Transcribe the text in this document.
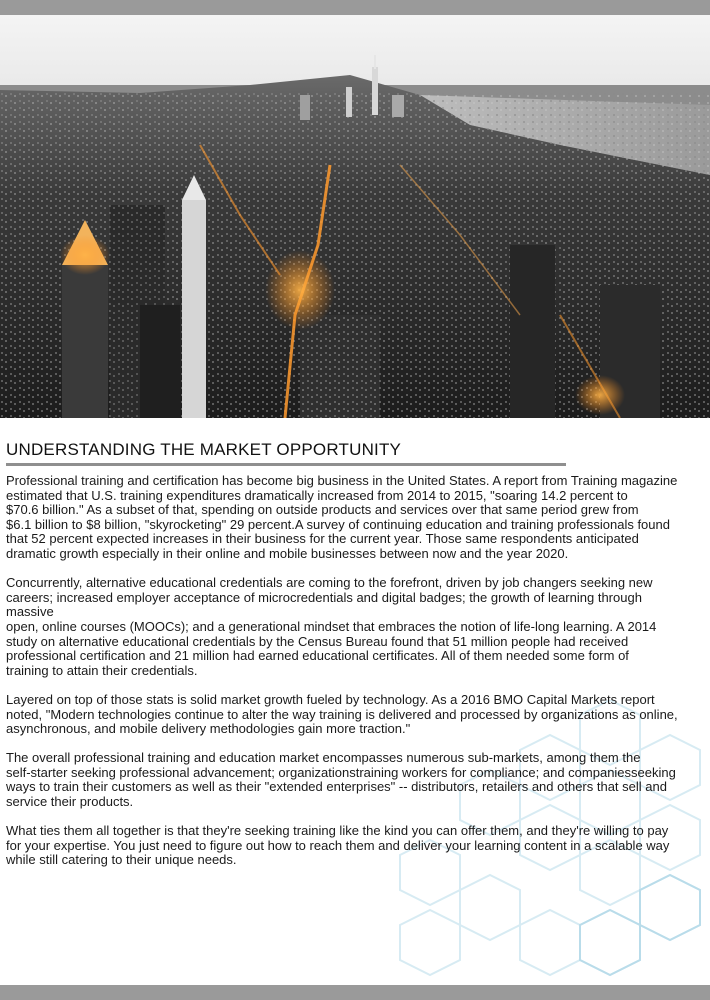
UNDERSTANDING THE MARKET OPPORTUNITY

Professional training and certification has become big business in the United States. A report from Training magazine
estimated that U.S. training expenditures dramatically increased from 2014 to 2015, "soaring 14.2 percent to
$70.6 billion." As a subset of that, spending on outside products and services over that same period grew from
$6.1 billion to $8 billion, "skyrocketing" 29 percent.A survey of continuing education and training professionals found
that 52 percent expected increases in their business for the current year. Those same respondents anticipated
dramatic growth especially in their online and mobile businesses between now and the year 2020.

Concurrently, alternative educational credentials are coming to the forefront, driven by job changers seeking new
careers; increased employer acceptance of microcredentials and digital badges; the growth of learning through
massive
open, online courses (MOOCs); and a generational mindset that embraces the notion of life-long learning. A 2014
study on alternative educational credentials by the Census Bureau found that 51 million people had received
professional certification and 21 million had earned educational certificates. All of them needed some form of
training to attain their credentials.

Layered on top of those stats is solid market growth fueled by technology. As a 2016 BMO Capital Markets report
noted, "Modern technologies continue to alter the way training is delivered and processed by organizations as online,
asynchronous, and mobile delivery methodologies gain more traction."

The overall professional training and education market encompasses numerous sub-markets, among them the
self-starter seeking professional advancement; organizationstraining workers for compliance; and companiesseeking
ways to train their customers as well as their "extended enterprises" -- distributors, retailers and others that sell and
service their products.

What ties them all together is that they're seeking training like the kind you can offer them, and they're willing to pay
for your expertise. You just need to figure out how to reach them and deliver your learning content in a scalable way
while still catering to their unique needs.
